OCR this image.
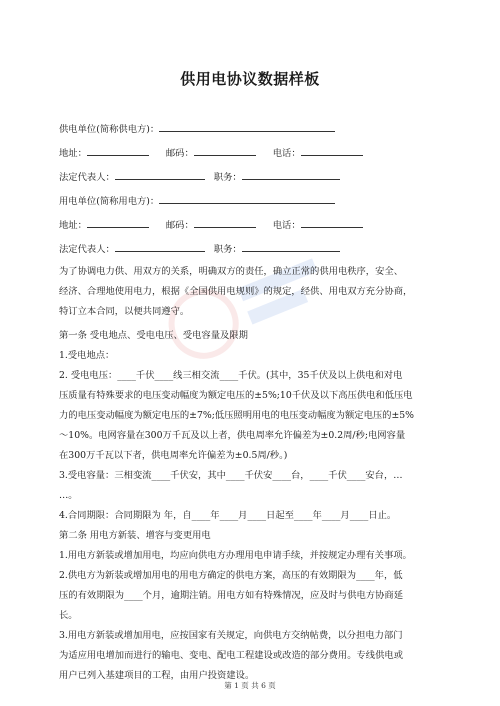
供用电协议数据样板
供电单位(简称供电方)：
地址：	邮码：	电话：
法定代表人：	职务：
用电单位(简称用电方)：
地址：	邮码：	电话：
法定代表人：	职务：
为了协调电力供、用双方的关系，明确双方的责任，确立正常的供用电秩序，安全、
经济、合理地使用电力，根据《全国供用电规则》的规定，经供、用电双方充分协商，
特订立本合同，以便共同遵守。
第一条 受电地点、受电电压、受电容量及限期
1.受电地点：
2. 受电电压：____千伏____线三相交流____千伏。(其中，35千伏及以上供电和对电
压质量有特殊要求的电压变动幅度为额定电压的±5%;10千伏及以下高压供电和低压电
力的电压变动幅度为额定电压的±7%;低压照明用电的电压变动幅度为额定电压的±5%
～10%。电网容量在300万千瓦及以上者，供电周率允许偏差为±0.2周/秒;电网容量
在300万千瓦以下者，供电周率允许偏差为±0.5周/秒。)
3.受电容量：三相变流____千伏安，其中____千伏安____台，____千伏____安台，…
…。
4.合同期限：合同期限为 年，自____年____月____日起至____年____月____日止。
第二条 用电方新装、增容与变更用电
1.用电方新装或增加用电，均应向供电方办理用电申请手续，并按规定办理有关事项。
2.供电方为新装或增加用电的用电方确定的供电方案，高压的有效期限为____年，低
压的有效期限为____个月，逾期注销。用电方如有特殊情况，应及时与供电方协商延
长。
3.用电方新装或增加用电，应按国家有关规定，向供电方交纳帖费，以分担电力部门
为适应用电增加而进行的输电、变电、配电工程建设或改造的部分费用。专线供电或
用户已列入基建项目的工程，由用户投资建设。
第 1 页 共 6 页
